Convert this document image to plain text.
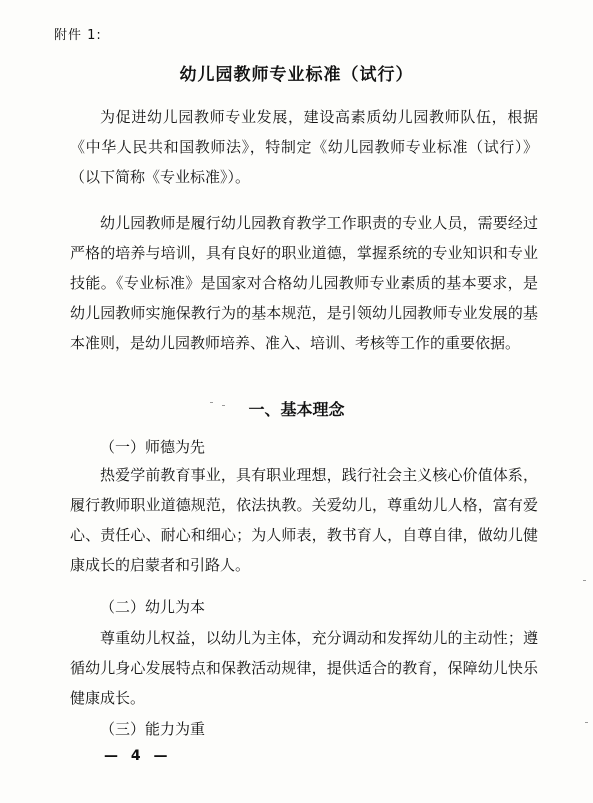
附件 1:
幼儿园教师专业标准（试行）

为促进幼儿园教师专业发展，建设高素质幼儿园教师队伍，根据《中华人民共和国教师法》，特制定《幼儿园教师专业标准（试行）》（以下简称《专业标准》）。

幼儿园教师是履行幼儿园教育教学工作职责的专业人员，需要经过严格的培养与培训，具有良好的职业道德，掌握系统的专业知识和专业技能。《专业标准》是国家对合格幼儿园教师专业素质的基本要求，是幼儿园教师实施保教行为的基本规范，是引领幼儿园教师专业发展的基本准则，是幼儿园教师培养、准入、培训、考核等工作的重要依据。

一、基本理念

（一）师德为先

热爱学前教育事业，具有职业理想，践行社会主义核心价值体系，履行教师职业道德规范，依法执教。关爱幼儿，尊重幼儿人格，富有爱心、责任心、耐心和细心；为人师表，教书育人，自尊自律，做幼儿健康成长的启蒙者和引路人。

（二）幼儿为本

尊重幼儿权益，以幼儿为主体，充分调动和发挥幼儿的主动性；遵循幼儿身心发展特点和保教活动规律，提供适合的教育，保障幼儿快乐健康成长。

（三）能力为重

— 4 —
